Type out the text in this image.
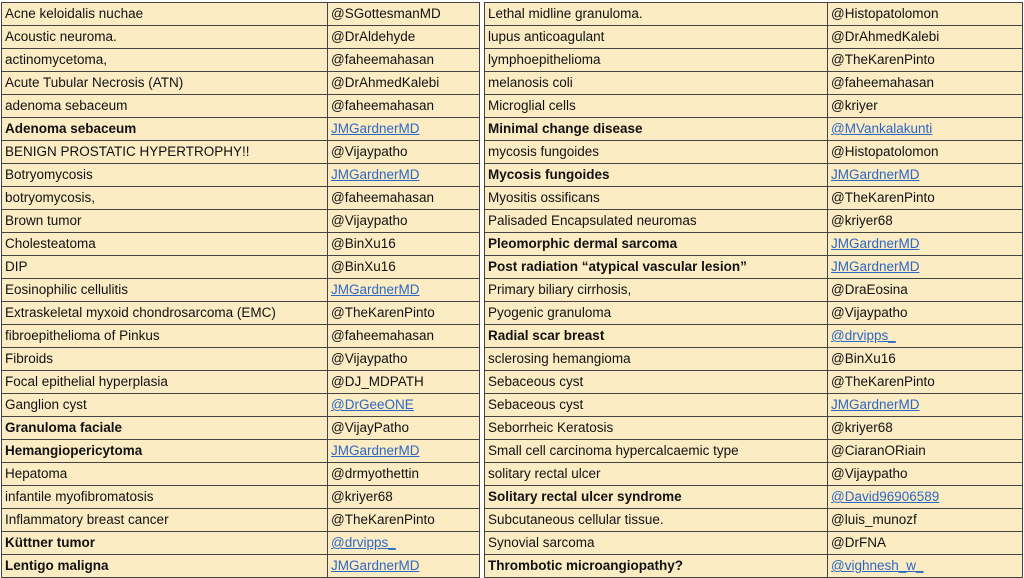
Acne keloidalis nuchae	@SGottesmanMD
Acoustic neuroma.	@DrAldehyde
actinomycetoma,	@faheemahasan
Acute Tubular Necrosis (ATN)	@DrAhmedKalebi
adenoma sebaceum	@faheemahasan
Adenoma sebaceum	JMGardnerMD
BENIGN PROSTATIC HYPERTROPHY!!	@Vijaypatho
Botryomycosis	JMGardnerMD
botryomycosis,	@faheemahasan
Brown tumor	@Vijaypatho
Cholesteatoma	@BinXu16
DIP	@BinXu16
Eosinophilic cellulitis	JMGardnerMD
Extraskeletal myxoid chondrosarcoma (EMC)	@TheKarenPinto
fibroepithelioma of Pinkus	@faheemahasan
Fibroids	@Vijaypatho
Focal epithelial hyperplasia	@DJ_MDPATH
Ganglion cyst	@DrGeeONE
Granuloma faciale	@VijayPatho
Hemangiopericytoma	JMGardnerMD
Hepatoma	@drmyothettin
infantile myofibromatosis	@kriyer68
Inflammatory breast cancer	@TheKarenPinto
Küttner tumor	@drvipps_
Lentigo maligna	JMGardnerMD
Lethal midline granuloma.	@Histopatolomon
lupus anticoagulant	@DrAhmedKalebi
lymphoepithelioma	@TheKarenPinto
melanosis coli	@faheemahasan
Microglial cells	@kriyer
Minimal change disease	@MVankalakunti
mycosis fungoides	@Histopatolomon
Mycosis fungoides	JMGardnerMD
Myositis ossificans	@TheKarenPinto
Palisaded Encapsulated neuromas	@kriyer68
Pleomorphic dermal sarcoma	JMGardnerMD
Post radiation “atypical vascular lesion”	JMGardnerMD
Primary biliary cirrhosis,	@DraEosina
Pyogenic granuloma	@Vijaypatho
Radial scar breast	@drvipps_
sclerosing hemangioma	@BinXu16
Sebaceous cyst	@TheKarenPinto
Sebaceous cyst	JMGardnerMD
Seborrheic Keratosis	@kriyer68
Small cell carcinoma hypercalcaemic type	@CiaranORiain
solitary rectal ulcer	@Vijaypatho
Solitary rectal ulcer syndrome	@David96906589
Subcutaneous cellular tissue.	@luis_munozf
Synovial sarcoma	@DrFNA
Thrombotic microangiopathy?	@vighnesh_w_
